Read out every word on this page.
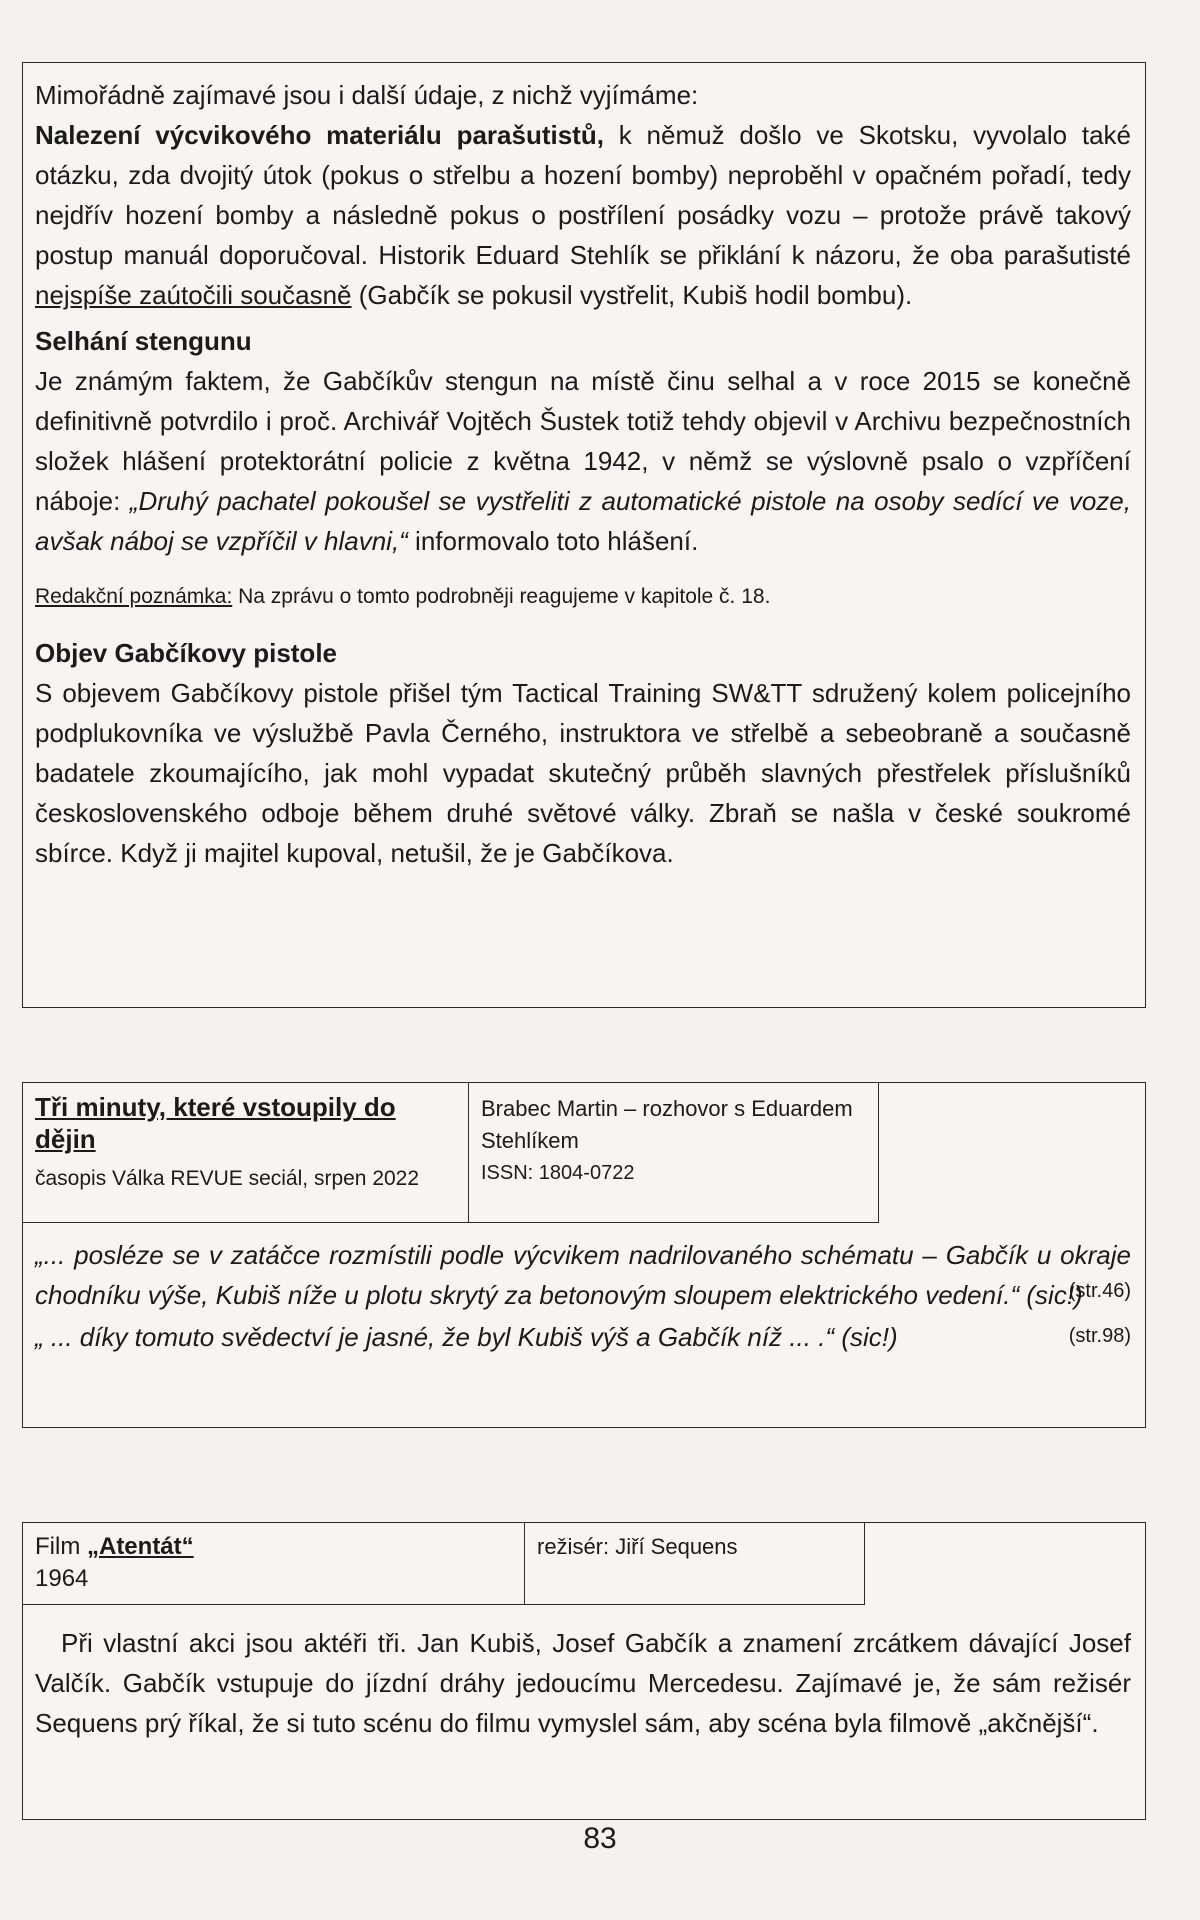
Mimořádně zajímavé jsou i další údaje, z nichž vyjímáme:

Nalezení výcvikového materiálu parašutistů, k němuž došlo ve Skotsku, vyvolalo také otázku, zda dvojitý útok (pokus o střelbu a hození bomby) neproběhl v opačném pořadí, tedy nejdřív hození bomby a následně pokus o postřílení posádky vozu – protože právě takový postup manuál doporučoval. Historik Eduard Stehlík se přiklání k názoru, že oba parašutisté nejspíše zaútočili současně (Gabčík se pokusil vystřelit, Kubiš hodil bombu).

Selhání stengunu

Je známým faktem, že Gabčíkův stengun na místě činu selhal a v roce 2015 se konečně definitivně potvrdilo i proč. Archivář Vojtěch Šustek totiž tehdy objevil v Archivu bezpečnostních složek hlášení protektorátní policie z května 1942, v němž se výslovně psalo o vzpříčení náboje: „Druhý pachatel pokoušel se vystřeliti z automatické pistole na osoby sedící ve voze, avšak náboj se vzpříčil v hlavni,“ informovalo toto hlášení.

Redakční poznámka: Na zprávu o tomto podrobněji reagujeme v kapitole č. 18.

Objev Gabčíkovy pistole

S objevem Gabčíkovy pistole přišel tým Tactical Training SW&TT sdružený kolem policejního podplukovníka ve výslužbě Pavla Černého, instruktora ve střelbě a sebeobraně a současně badatele zkoumajícího, jak mohl vypadat skutečný průběh slavných přestřelek příslušníků československého odboje během druhé světové války. Zbraň se našla v české soukromé sbírce. Když ji majitel kupoval, netušil, že je Gabčíkova.

Tři minuty, které vstoupily do dějin

časopis Válka REVUE seciál, srpen 2022

Brabec Martin – rozhovor s Eduardem Stehlíkem

ISSN: 1804-0722

„... posléze se v zatáčce rozmístili podle výcvikem nadrilovaného schématu – Gabčík u okraje chodníku výše, Kubiš níže u plotu skrytý za betonovým sloupem elektrického vedení.“ (sic!)

(str.46)

„ ... díky tomuto svědectví je jasné, že byl Kubiš výš a Gabčík níž ... .“ (sic!)	(str.98)

Film „Atentát“

1964

režisér: Jiří Sequens

Při vlastní akci jsou aktéři tři. Jan Kubiš, Josef Gabčík a znamení zrcátkem dávající Josef Valčík. Gabčík vstupuje do jízdní dráhy jedoucímu Mercedesu. Zajímavé je, že sám režisér Sequens prý říkal, že si tuto scénu do filmu vymyslel sám, aby scéna byla filmově „akčnější“.

83
